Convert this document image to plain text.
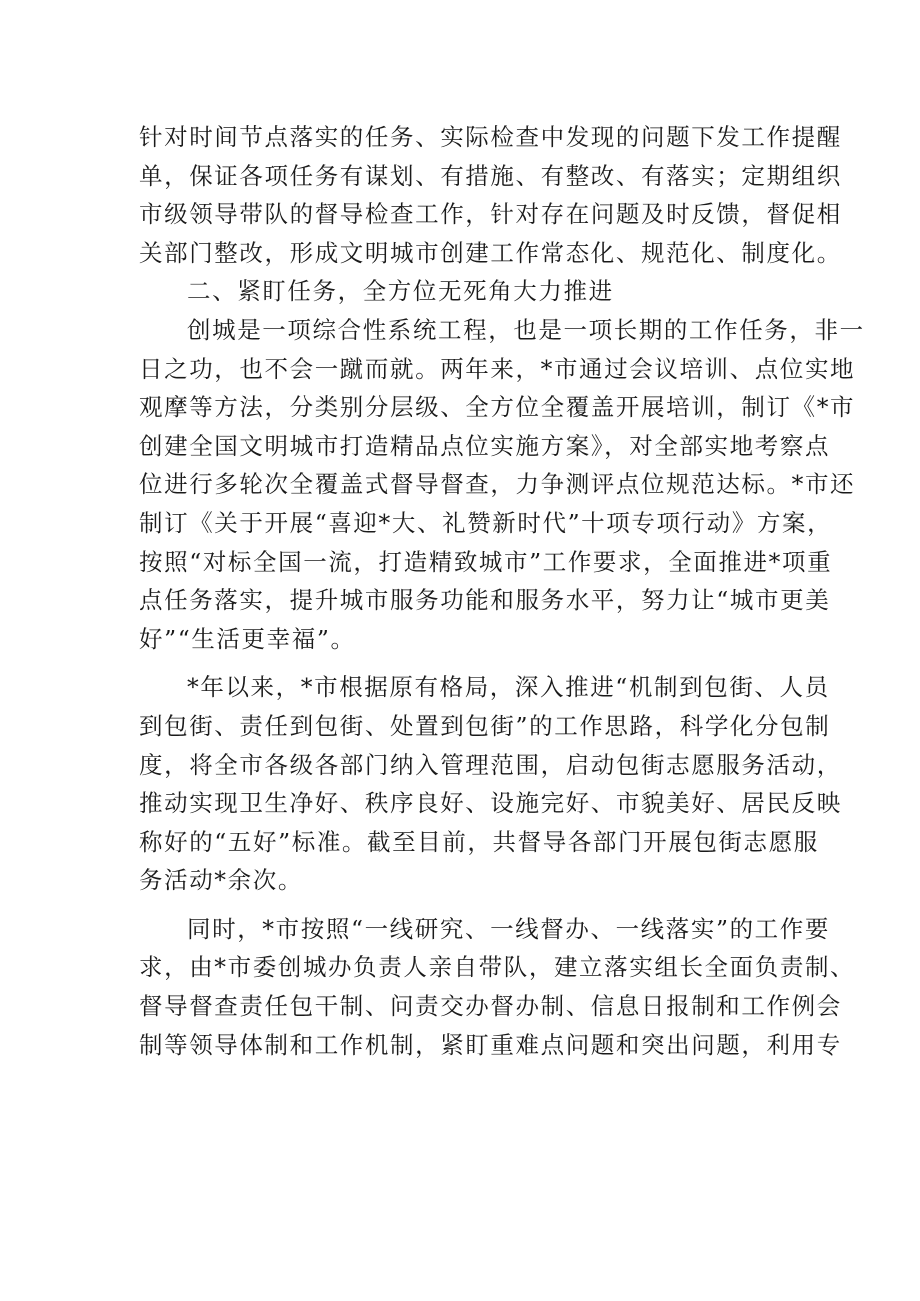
针对时间节点落实的任务、实际检查中发现的问题下发工作提醒
单，保证各项任务有谋划、有措施、有整改、有落实；定期组织
市级领导带队的督导检查工作，针对存在问题及时反馈，督促相
关部门整改，形成文明城市创建工作常态化、规范化、制度化。
二、紧盯任务，全方位无死角大力推进
创城是一项综合性系统工程，也是一项长期的工作任务，非一
日之功，也不会一蹴而就。两年来，*市通过会议培训、点位实地
观摩等方法，分类别分层级、全方位全覆盖开展培训，制订《*市
创建全国文明城市打造精品点位实施方案》，对全部实地考察点
位进行多轮次全覆盖式督导督查，力争测评点位规范达标。*市还
制订《关于开展“喜迎*大、礼赞新时代”十项专项行动》方案，
按照“对标全国一流，打造精致城市”工作要求，全面推进*项重
点任务落实，提升城市服务功能和服务水平，努力让“城市更美
好”“生活更幸福”。
*年以来，*市根据原有格局，深入推进“机制到包街、人员
到包街、责任到包街、处置到包街”的工作思路，科学化分包制
度，将全市各级各部门纳入管理范围，启动包街志愿服务活动，
推动实现卫生净好、秩序良好、设施完好、市貌美好、居民反映
称好的“五好”标准。截至目前，共督导各部门开展包街志愿服
务活动*余次。
同时，*市按照“一线研究、一线督办、一线落实”的工作要
求，由*市委创城办负责人亲自带队，建立落实组长全面负责制、
督导督查责任包干制、问责交办督办制、信息日报制和工作例会
制等领导体制和工作机制，紧盯重难点问题和突出问题，利用专
